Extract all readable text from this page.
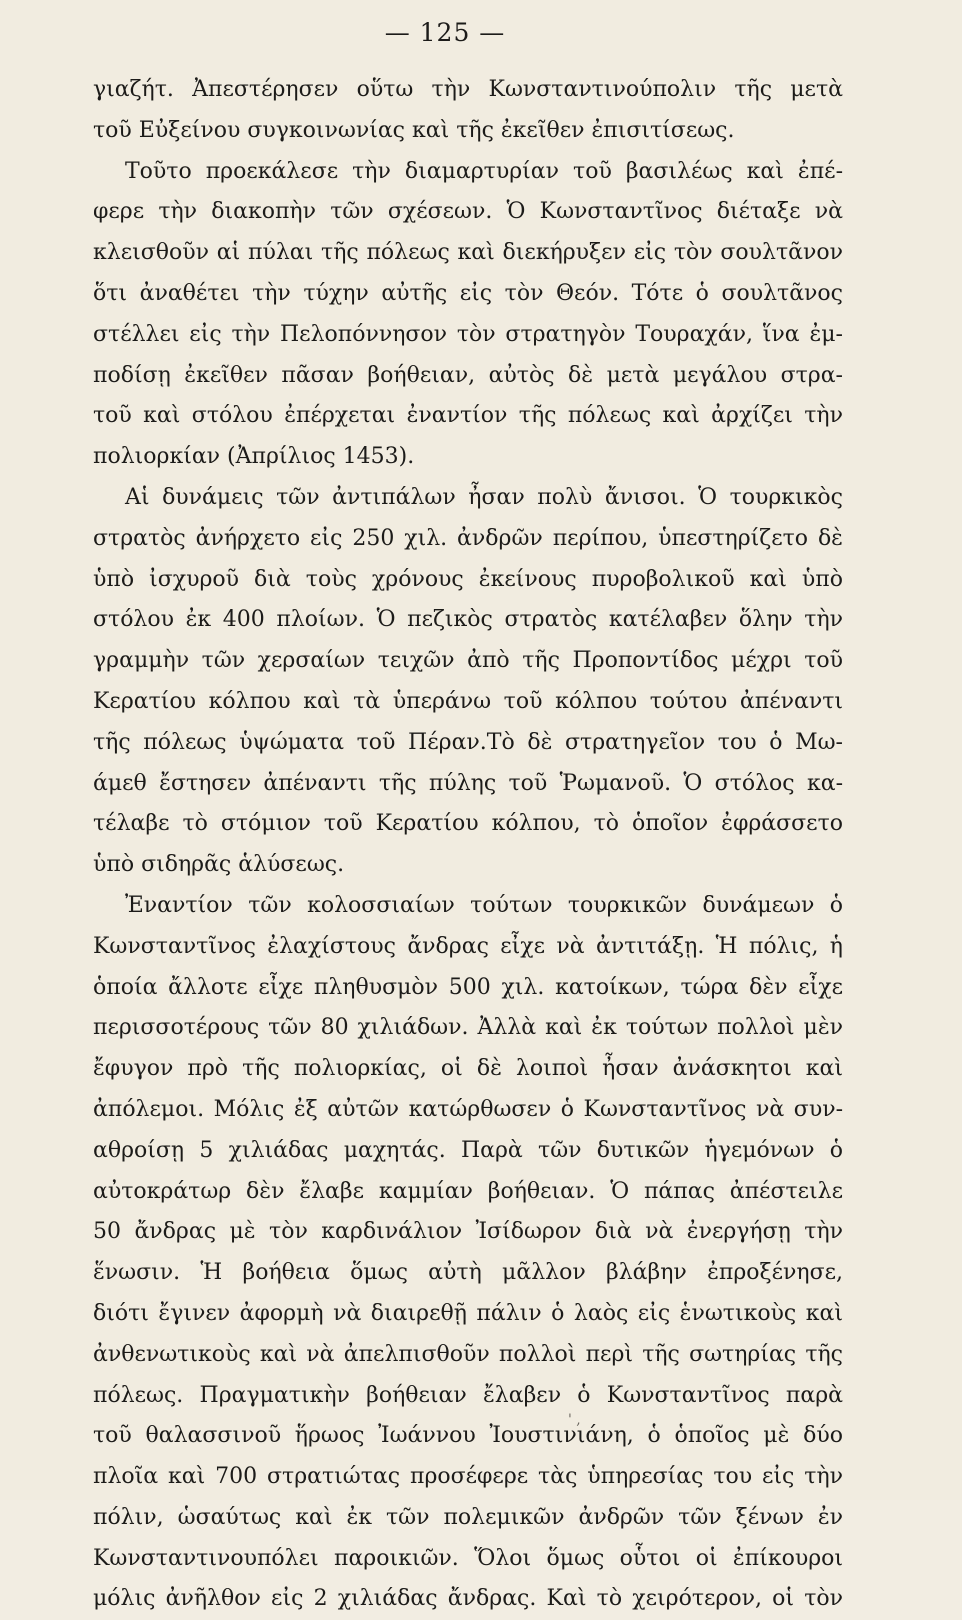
— 125 —
γιαζήτ. Ἀπεστέρησεν οὕτω τὴν Κωνσταντινούπολιν τῆς μετὰ
τοῦ Εὐξείνου συγκοινωνίας καὶ τῆς ἐκεῖθεν ἐπισιτίσεως.
Τοῦτο προεκάλεσε τὴν διαμαρτυρίαν τοῦ βασιλέως καὶ ἐπέ-
φερε τὴν διακοπὴν τῶν σχέσεων. Ὁ Κωνσταντῖνος διέταξε νὰ
κλεισθοῦν αἱ πύλαι τῆς πόλεως καὶ διεκήρυξεν εἰς τὸν σουλτᾶνον
ὅτι ἀναθέτει τὴν τύχην αὐτῆς εἰς τὸν Θεόν. Τότε ὁ σουλτᾶνος
στέλλει εἰς τὴν Πελοπόννησον τὸν στρατηγὸν Τουραχάν, ἵνα ἐμ-
ποδίσῃ ἐκεῖθεν πᾶσαν βοήθειαν, αὐτὸς δὲ μετὰ μεγάλου στρα-
τοῦ καὶ στόλου ἐπέρχεται ἐναντίον τῆς πόλεως καὶ ἀρχίζει τὴν
πολιορκίαν (Ἀπρίλιος 1453).
Αἱ δυνάμεις τῶν ἀντιπάλων ἦσαν πολὺ ἄνισοι. Ὁ τουρκικὸς
στρατὸς ἀνήρχετο εἰς 250 χιλ. ἀνδρῶν περίπου, ὑπεστηρίζετο δὲ
ὑπὸ ἰσχυροῦ διὰ τοὺς χρόνους ἐκείνους πυροβολικοῦ καὶ ὑπὸ
στόλου ἐκ 400 πλοίων. Ὁ πεζικὸς στρατὸς κατέλαβεν ὅλην τὴν
γραμμὴν τῶν χερσαίων τειχῶν ἀπὸ τῆς Προποντίδος μέχρι τοῦ
Κερατίου κόλπου καὶ τὰ ὑπεράνω τοῦ κόλπου τούτου ἀπέναντι
τῆς πόλεως ὑψώματα τοῦ Πέραν.Τὸ δὲ στρατηγεῖον του ὁ Μω-
άμεθ ἔστησεν ἀπέναντι τῆς πύλης τοῦ Ῥωμανοῦ. Ὁ στόλος κα-
τέλαβε τὸ στόμιον τοῦ Κερατίου κόλπου, τὸ ὁποῖον ἐφράσσετο
ὑπὸ σιδηρᾶς ἁλύσεως.
Ἐναντίον τῶν κολοσσιαίων τούτων τουρκικῶν δυνάμεων ὁ
Κωνσταντῖνος ἐλαχίστους ἄνδρας εἶχε νὰ ἀντιτάξῃ. Ἡ πόλις, ἡ
ὁποία ἄλλοτε εἶχε πληθυσμὸν 500 χιλ. κατοίκων, τώρα δὲν εἶχε
περισσοτέρους τῶν 80 χιλιάδων. Ἀλλὰ καὶ ἐκ τούτων πολλοὶ μὲν
ἔφυγον πρὸ τῆς πολιορκίας, οἱ δὲ λοιποὶ ἦσαν ἀνάσκητοι καὶ
ἀπόλεμοι. Μόλις ἐξ αὐτῶν κατώρθωσεν ὁ Κωνσταντῖνος νὰ συν-
αθροίσῃ 5 χιλιάδας μαχητάς. Παρὰ τῶν δυτικῶν ἡγεμόνων ὁ
αὐτοκράτωρ δὲν ἔλαβε καμμίαν βοήθειαν. Ὁ πάπας ἀπέστειλε
50 ἄνδρας μὲ τὸν καρδινάλιον Ἰσίδωρον διὰ νὰ ἐνεργήσῃ τὴν
ἕνωσιν. Ἡ βοήθεια ὅμως αὐτὴ μᾶλλον βλάβην ἐπροξένησε,
διότι ἔγινεν ἀφορμὴ νὰ διαιρεθῇ πάλιν ὁ λαὸς εἰς ἑνωτικοὺς καὶ
ἀνθενωτικοὺς καὶ νὰ ἀπελπισθοῦν πολλοὶ περὶ τῆς σωτηρίας τῆς
πόλεως. Πραγματικὴν βοήθειαν ἔλαβεν ὁ Κωνσταντῖνος παρὰ
τοῦ θαλασσινοῦ ἥρωος Ἰωάννου Ἰουστινιάνη, ὁ ὁποῖος μὲ δύο
πλοῖα καὶ 700 στρατιώτας προσέφερε τὰς ὑπηρεσίας του εἰς τὴν
πόλιν, ὡσαύτως καὶ ἐκ τῶν πολεμικῶν ἀνδρῶν τῶν ξένων ἐν
Κωνσταντινουπόλει παροικιῶν. Ὅλοι ὅμως οὗτοι οἱ ἐπίκουροι
μόλις ἀνῆλθον εἰς 2 χιλιάδας ἄνδρας. Καὶ τὸ χειρότερον, οἱ τὸν
' ,
